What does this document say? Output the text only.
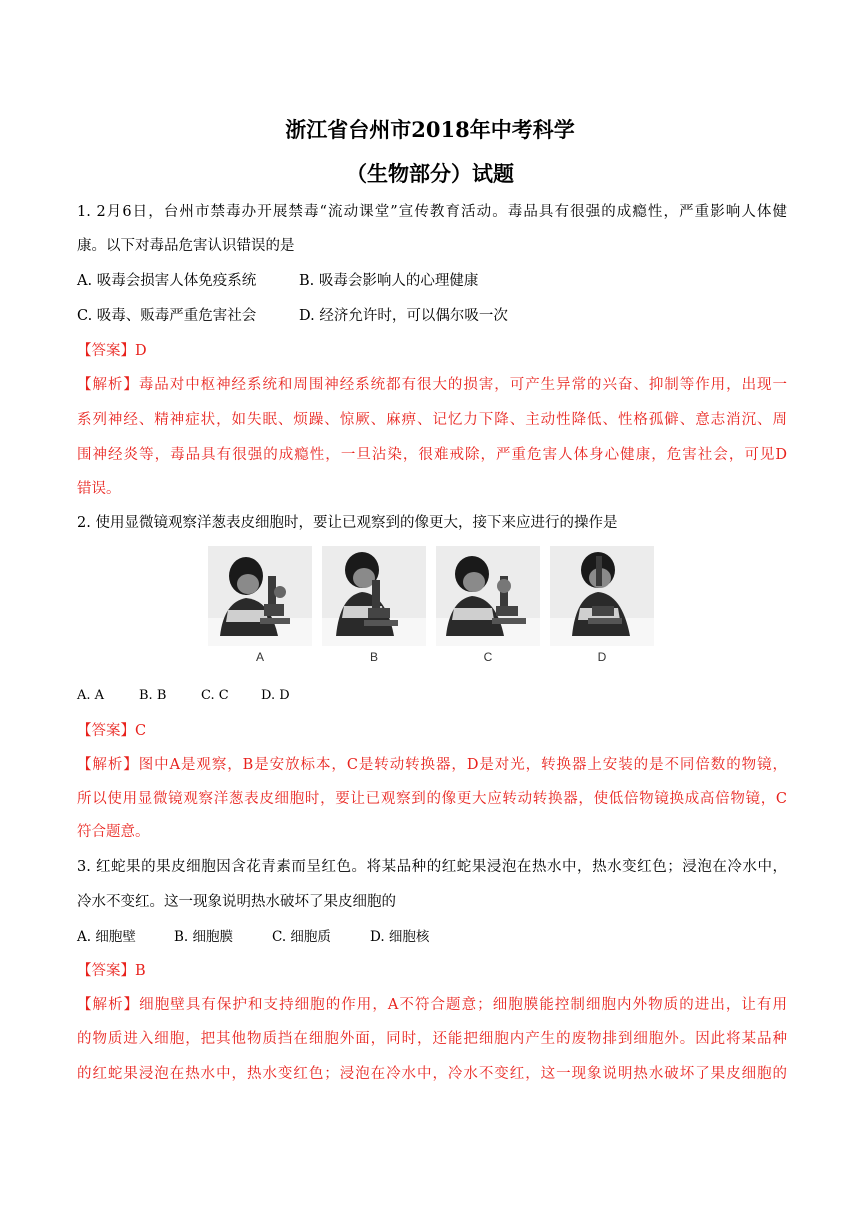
浙江省台州市2018年中考科学
（生物部分）试题
1. 2月6日，台州市禁毒办开展禁毒“流动课堂”宣传教育活动。毒品具有很强的成瘾性，严重影响人体健
康。以下对毒品危害认识错误的是
A. 吸毒会损害人体免疫系统	B. 吸毒会影响人的心理健康
C. 吸毒、贩毒严重危害社会	D. 经济允许时，可以偶尔吸一次
【答案】D
【解析】毒品对中枢神经系统和周围神经系统都有很大的损害，可产生异常的兴奋、抑制等作用，出现一
系列神经、精神症状，如失眠、烦躁、惊厥、麻痹、记忆力下降、主动性降低、性格孤僻、意志消沉、周
围神经炎等，毒品具有很强的成瘾性，一旦沾染，很难戒除，严重危害人体身心健康，危害社会，可见D
错误。
2. 使用显微镜观察洋葱表皮细胞时，要让已观察到的像更大，接下来应进行的操作是
A	B	C	D
A. A	B. B	C. C D. D
【答案】C
【解析】图中A是观察，B是安放标本，C是转动转换器，D是对光，转换器上安装的是不同倍数的物镜，
所以使用显微镜观察洋葱表皮细胞时，要让已观察到的像更大应转动转换器，使低倍物镜换成高倍物镜，C
符合题意。
3. 红蛇果的果皮细胞因含花青素而呈红色。将某品种的红蛇果浸泡在热水中，热水变红色；浸泡在冷水中，
冷水不变红。这一现象说明热水破坏了果皮细胞的
A. 细胞壁	B. 细胞膜	C. 细胞质	D. 细胞核
【答案】B
【解析】细胞壁具有保护和支持细胞的作用，A不符合题意；细胞膜能控制细胞内外物质的进出，让有用
的物质进入细胞，把其他物质挡在细胞外面，同时，还能把细胞内产生的废物排到细胞外。因此将某品种
的红蛇果浸泡在热水中，热水变红色；浸泡在冷水中，冷水不变红，这一现象说明热水破坏了果皮细胞的
